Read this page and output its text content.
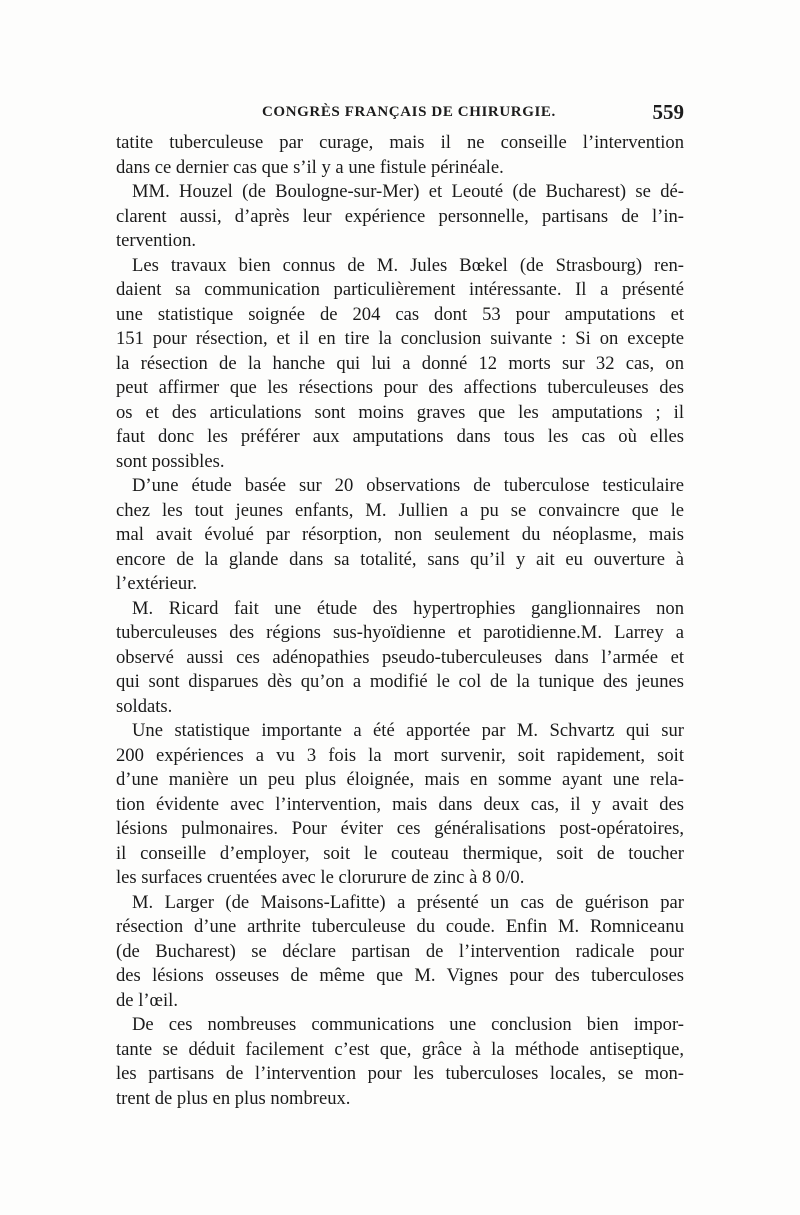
CONGRÈS FRANÇAIS DE CHIRURGIE.	559
tatite tuberculeuse par curage, mais il ne conseille l’intervention
dans ce dernier cas que s’il y a une fistule périnéale.
MM. Houzel (de Boulogne-sur-Mer) et Leouté (de Bucharest) se dé-
clarent aussi, d’après leur expérience personnelle, partisans de l’in-
tervention.
Les travaux bien connus de M. Jules Bœkel (de Strasbourg) ren-
daient sa communication particulièrement intéressante. Il a présenté
une statistique soignée de 204 cas dont 53 pour amputations et
151 pour résection, et il en tire la conclusion suivante : Si on excepte
la résection de la hanche qui lui a donné 12 morts sur 32 cas, on
peut affirmer que les résections pour des affections tuberculeuses des
os et des articulations sont moins graves que les amputations ; il
faut donc les préférer aux amputations dans tous les cas où elles
sont possibles.
D’une étude basée sur 20 observations de tuberculose testiculaire
chez les tout jeunes enfants, M. Jullien a pu se convaincre que le
mal avait évolué par résorption, non seulement du néoplasme, mais
encore de la glande dans sa totalité, sans qu’il y ait eu ouverture à
l’extérieur.
M. Ricard fait une étude des hypertrophies ganglionnaires non
tuberculeuses des régions sus-hyoïdienne et parotidienne.M. Larrey a
observé aussi ces adénopathies pseudo-tuberculeuses dans l’armée et
qui sont disparues dès qu’on a modifié le col de la tunique des jeunes
soldats.
Une statistique importante a été apportée par M. Schvartz qui sur
200 expériences a vu 3 fois la mort survenir, soit rapidement, soit
d’une manière un peu plus éloignée, mais en somme ayant une rela-
tion évidente avec l’intervention, mais dans deux cas, il y avait des
lésions pulmonaires. Pour éviter ces généralisations post-opératoires,
il conseille d’employer, soit le couteau thermique, soit de toucher
les surfaces cruentées avec le clorurure de zinc à 8 0/0.
M. Larger (de Maisons-Lafitte) a présenté un cas de guérison par
résection d’une arthrite tuberculeuse du coude. Enfin M. Romniceanu
(de Bucharest) se déclare partisan de l’intervention radicale pour
des lésions osseuses de même que M. Vignes pour des tuberculoses
de l’œil.
De ces nombreuses communications une conclusion bien impor-
tante se déduit facilement c’est que, grâce à la méthode antiseptique,
les partisans de l’intervention pour les tuberculoses locales, se mon-
trent de plus en plus nombreux.
